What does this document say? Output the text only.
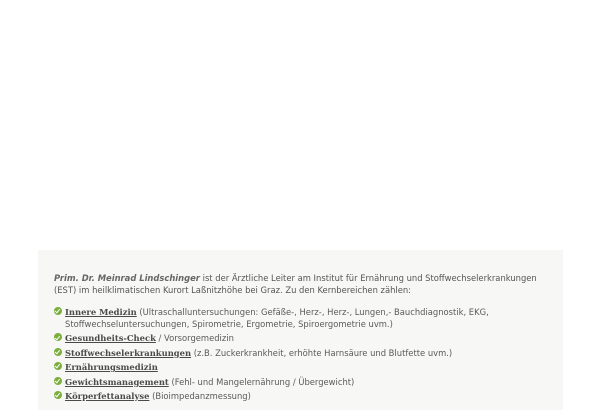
Prim. Dr. Meinrad Lindschinger ist der Ärztliche Leiter am Institut für Ernährung und Stoffwechselerkrankungen (EST) im heilklimatischen Kurort Laßnitzhöhe bei Graz. Zu den Kernbereichen zählen:

Innere Medizin (Ultraschalluntersuchungen: Gefäße-, Herz-, Herz-, Lungen,- Bauchdiagnostik, EKG, Stoffwechseluntersuchungen, Spirometrie, Ergometrie, Spiroergometrie uvm.)
Gesundheits-Check / Vorsorgemedizin
Stoffwechselerkrankungen (z.B. Zuckerkrankheit, erhöhte Harnsäure und Blutfette uvm.)
Ernährungsmedizin
Gewichtsmanagement (Fehl- und Mangelernährung / Übergewicht)
Körperfettanalyse (Bioimpedanzmessung)
